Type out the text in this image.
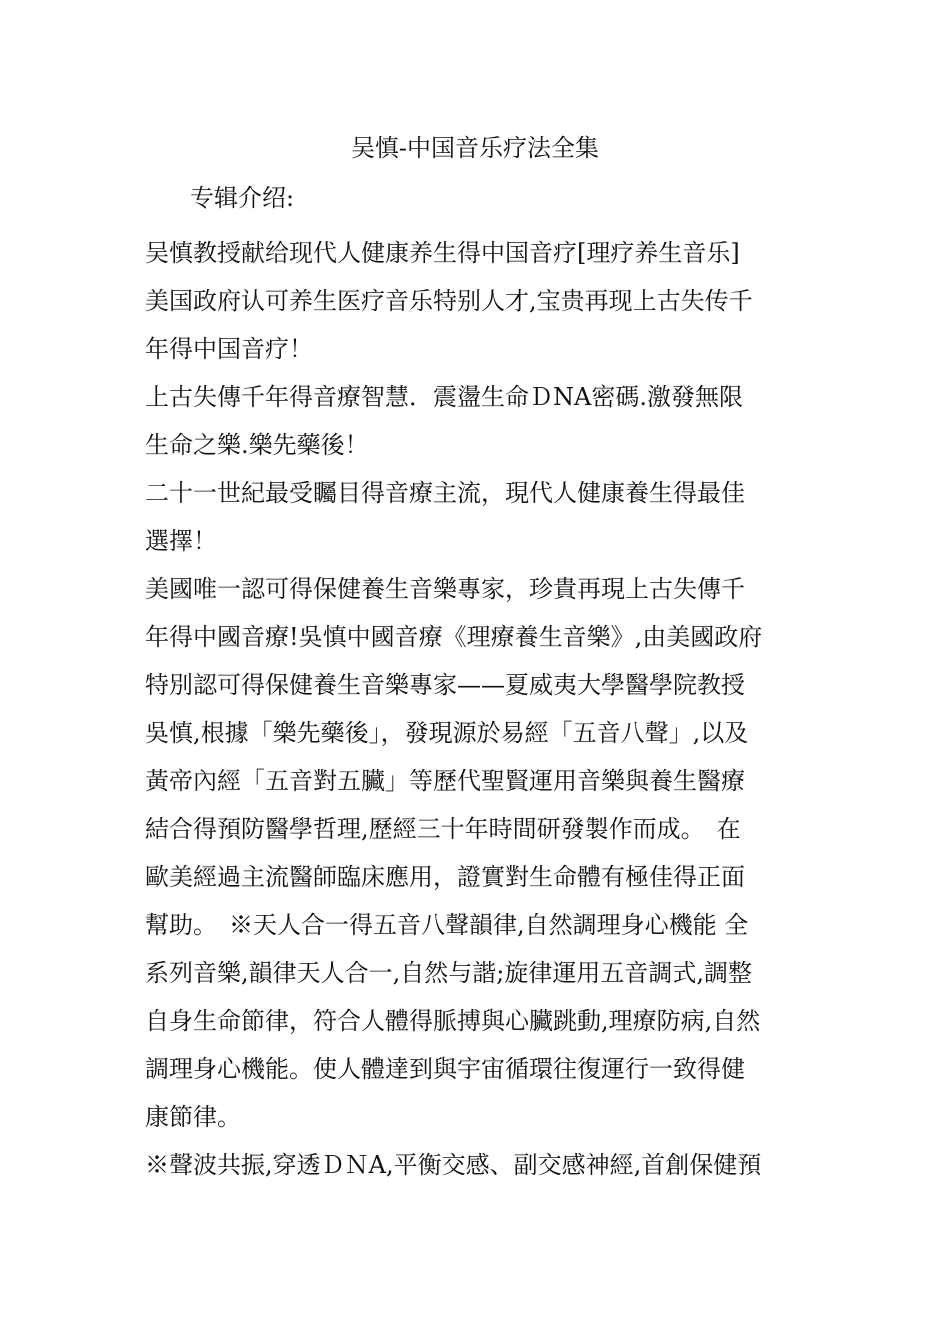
吴慎-中国音乐疗法全集

专辑介绍:

吴慎教授献给现代人健康养生得中国音疗[理疗养生音乐]
美国政府认可养生医疗音乐特别人才,宝贵再现上古失传千
年得中国音疗！

上古失傳千年得音療智慧．震盪生命ＤNA密碼.激發無限
生命之樂.樂先藥後！

二十一世紀最受矚目得音療主流，現代人健康養生得最佳
選擇！

美國唯一認可得保健養生音樂專家，珍貴再現上古失傳千
年得中國音療!吳慎中國音療《理療養生音樂》,由美國政府
特別認可得保健養生音樂專家——夏威夷大學醫學院教授
吳慎,根據「樂先藥後」，發現源於易經「五音八聲」,以及
黃帝內經「五音對五臟」等歷代聖賢運用音樂與養生醫療
結合得預防醫學哲理,歷經三十年時間研發製作而成。　在
歐美經過主流醫師臨床應用，證實對生命體有極佳得正面
幫助。　※天人合一得五音八聲韻律,自然調理身心機能 全
系列音樂,韻律天人合一,自然与諧;旋律運用五音調式,調整
自身生命節律，符合人體得脈搏與心臟跳動,理療防病,自然
調理身心機能。使人體達到與宇宙循環往復運行一致得健
康節律。

※聲波共振,穿透ＤＮA,平衡交感、副交感神經,首創保健預
